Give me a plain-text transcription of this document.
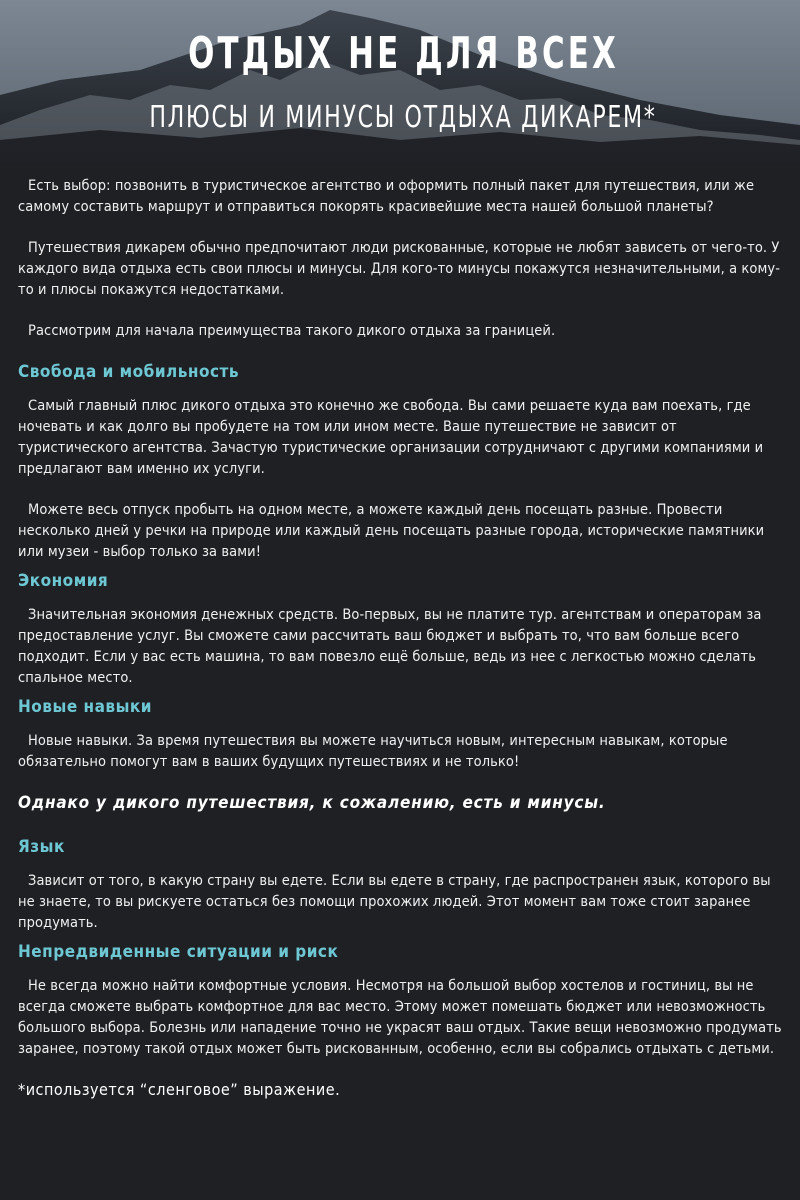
ОТДЫХ НЕ ДЛЯ ВСЕХ
ПЛЮСЫ И МИНУСЫ ОТДЫХА ДИКАРЕМ*

Есть выбор: позвонить в туристическое агентство и оформить полный пакет для путешествия, или же самому составить маршрут и отправиться покорять красивейшие места нашей большой планеты?

Путешествия дикарем обычно предпочитают люди рискованные, которые не любят зависеть от чего-то. У каждого вида отдыха есть свои плюсы и минусы. Для кого-то минусы покажутся незначительными, а кому-то и плюсы покажутся недостатками.

Рассмотрим для начала преимущества такого дикого отдыха за границей.

Свобода и мобильность

Самый главный плюс дикого отдыха это конечно же свобода. Вы сами решаете куда вам поехать, где ночевать и как долго вы пробудете на том или ином месте. Ваше путешествие не зависит от туристического агентства. Зачастую туристические организации сотрудничают с другими компаниями и предлагают вам именно их услуги.

Можете весь отпуск пробыть на одном месте, а можете каждый день посещать разные. Провести несколько дней у речки на природе или каждый день посещать разные города, исторические памятники или музеи - выбор только за вами!

Экономия

Значительная экономия денежных средств. Во-первых, вы не платите тур. агентствам и операторам за предоставление услуг. Вы сможете сами рассчитать ваш бюджет и выбрать то, что вам больше всего подходит. Если у вас есть машина, то вам повезло ещё больше, ведь из нее с легкостью можно сделать спальное место.

Новые навыки

Новые навыки. За время путешествия вы можете научиться новым, интересным навыкам, которые обязательно помогут вам в ваших будущих путешествиях и не только!

Однако у дикого путешествия, к сожалению, есть и минусы.

Язык

Зависит от того, в какую страну вы едете. Если вы едете в страну, где распространен язык, которого вы не знаете, то вы рискуете остаться без помощи прохожих людей. Этот момент вам тоже стоит заранее продумать.

Непредвиденные ситуации и риск

Не всегда можно найти комфортные условия. Несмотря на большой выбор хостелов и гостиниц, вы не всегда сможете выбрать комфортное для вас место. Этому может помешать бюджет или невозможность большого выбора. Болезнь или нападение точно не украсят ваш отдых. Такие вещи невозможно продумать заранее, поэтому такой отдых может быть рискованным, особенно, если вы собрались отдыхать с детьми.

*используется “сленговое” выражение.
